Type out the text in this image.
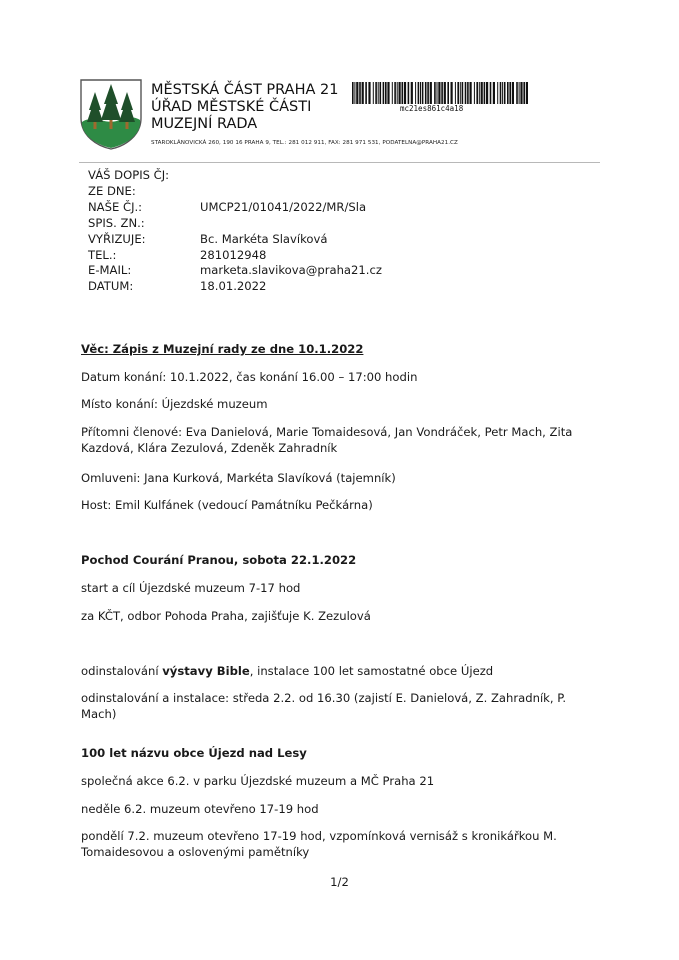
MĚSTSKÁ ČÁST PRAHA 21
ÚŘAD MĚSTSKÉ ČÁSTI
MUZEJNÍ RADA
STAROKLÁNOVICKÁ 260, 190 16 PRAHA 9, TEL.: 281 012 911, FAX: 281 971 531, PODATELNA@PRAHA21.CZ
mc21es861c4a18
VÁŠ DOPIS ČJ:
ZE DNE:
NAŠE ČJ.:	UMCP21/01041/2022/MR/Sla
SPIS. ZN.:
VYŘIZUJE:	Bc. Markéta Slavíková
TEL.:	281012948
E-MAIL:	marketa.slavikova@praha21.cz
DATUM:	18.01.2022
Věc: Zápis z Muzejní rady ze dne 10.1.2022
Datum konání: 10.1.2022, čas konání 16.00 – 17:00 hodin
Místo konání: Újezdské muzeum
Přítomni členové: Eva Danielová, Marie Tomaidesová, Jan Vondráček, Petr Mach, Zita
Kazdová, Klára Zezulová, Zdeněk Zahradník
Omluveni: Jana Kurková, Markéta Slavíková (tajemník)
Host: Emil Kulfánek (vedoucí Památníku Pečkárna)
Pochod Courání Pranou, sobota 22.1.2022
start a cíl Újezdské muzeum 7-17 hod
za KČT, odbor Pohoda Praha, zajišťuje K. Zezulová
odinstalování výstavy Bible, instalace 100 let samostatné obce Újezd
odinstalování a instalace: středa 2.2. od 16.30 (zajistí E. Danielová, Z. Zahradník, P. Mach)
100 let názvu obce Újezd nad Lesy
společná akce 6.2. v parku Újezdské muzeum a MČ Praha 21
neděle 6.2. muzeum otevřeno 17-19 hod
pondělí 7.2. muzeum otevřeno 17-19 hod, vzpomínková vernisáž s kronikářkou M.
Tomaidesovou a oslovenými pamětníky
1/2
